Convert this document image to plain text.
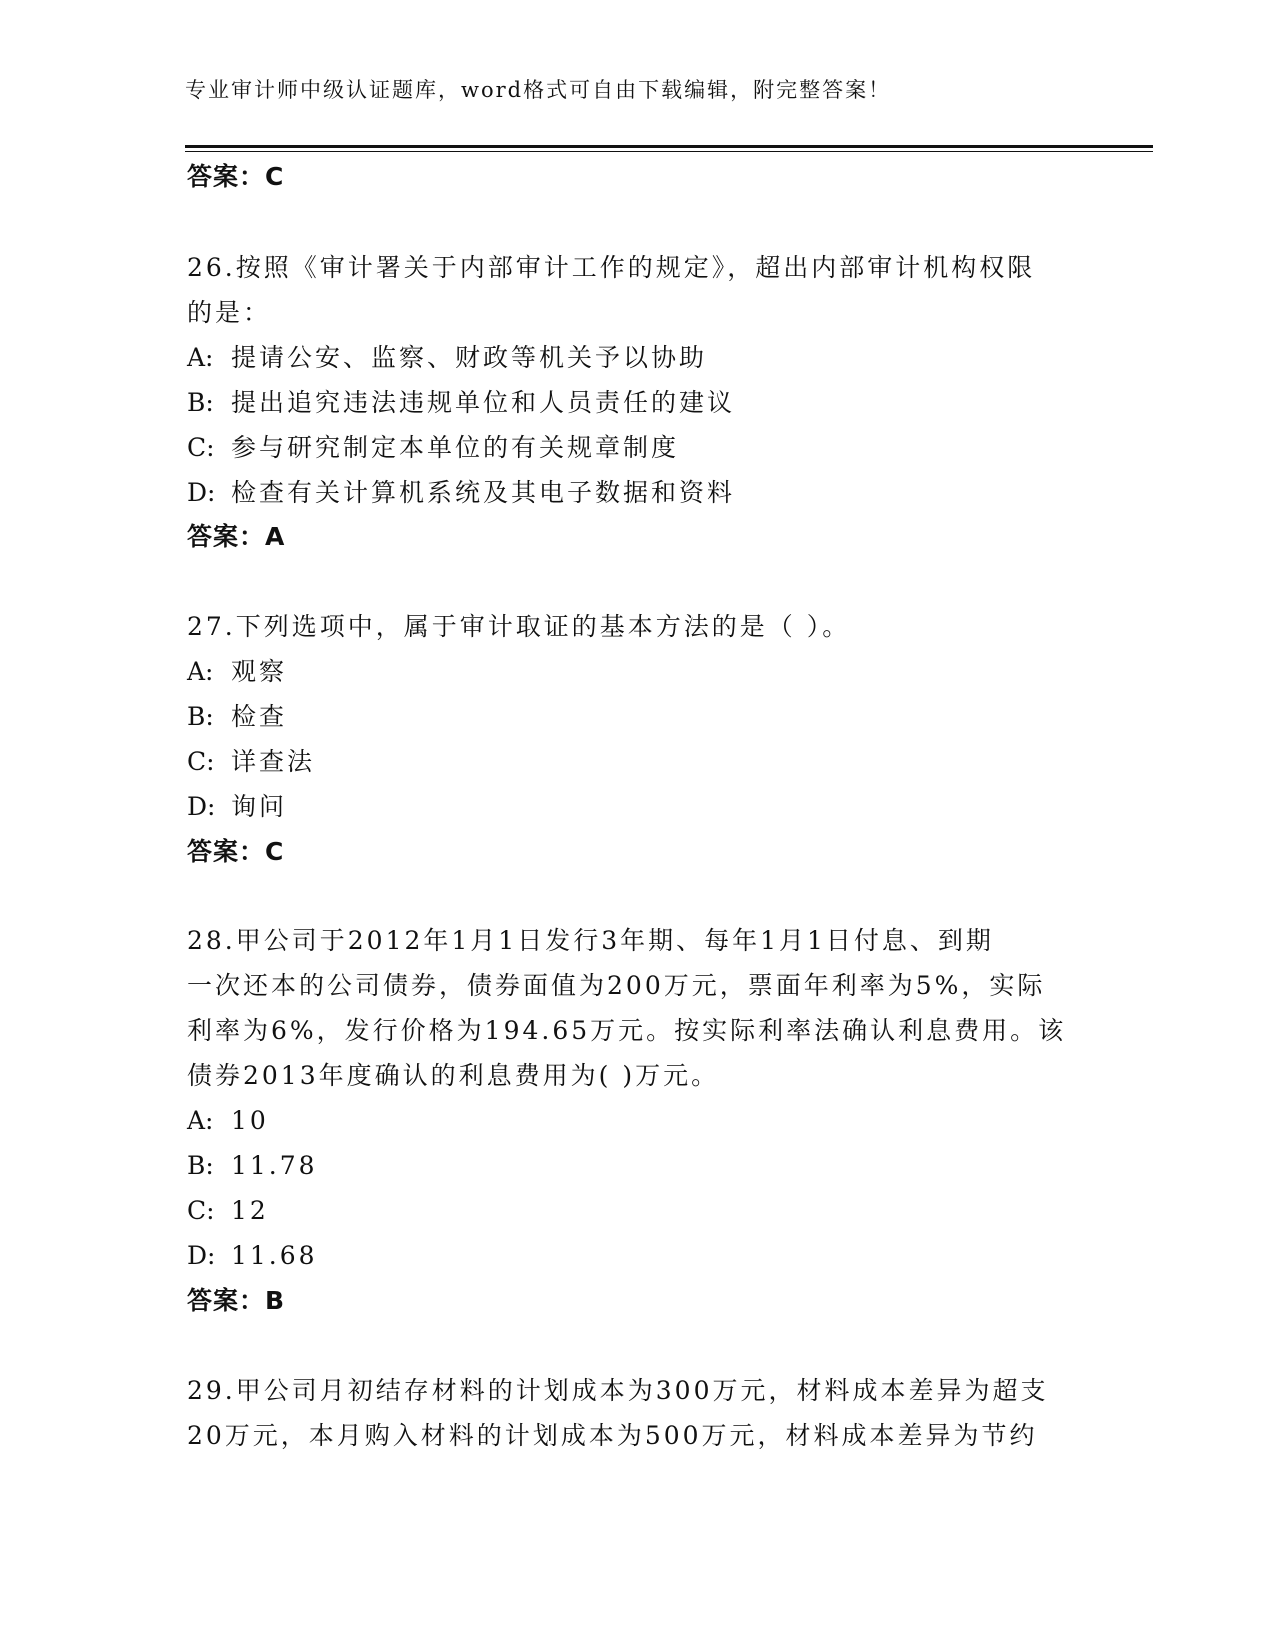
专业审计师中级认证题库，word格式可自由下载编辑，附完整答案！
答案：C
26.按照《审计署关于内部审计工作的规定》，超出内部审计机构权限
的是：
A: 提请公安、监察、财政等机关予以协助
B: 提出追究违法违规单位和人员责任的建议
C: 参与研究制定本单位的有关规章制度
D: 检查有关计算机系统及其电子数据和资料
答案：A
27.下列选项中，属于审计取证的基本方法的是（ ）。
A: 观察
B: 检查
C: 详查法
D: 询问
答案：C
28.甲公司于2012年1月1日发行3年期、每年1月1日付息、到期
一次还本的公司债券，债券面值为200万元，票面年利率为5%，实际
利率为6%，发行价格为194.65万元。按实际利率法确认利息费用。该
债券2013年度确认的利息费用为( )万元。
A: 10
B: 11.78
C: 12
D: 11.68
答案：B
29.甲公司月初结存材料的计划成本为300万元，材料成本差异为超支
20万元，本月购入材料的计划成本为500万元，材料成本差异为节约
